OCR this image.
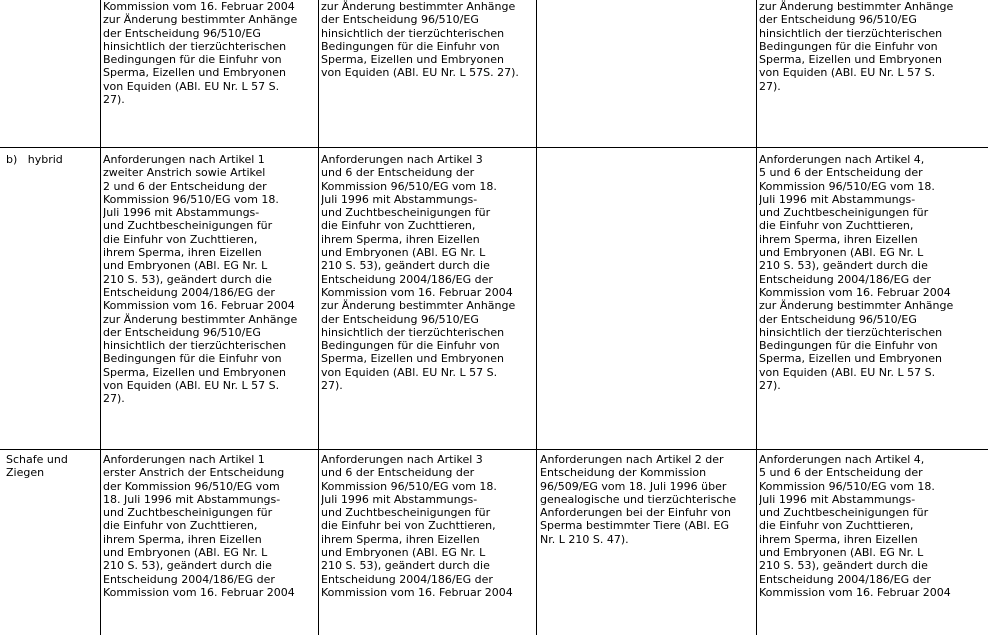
Kommission vom 16. Februar 2004
zur Änderung bestimmter Anhänge
der Entscheidung 96/510/EG
hinsichtlich der tierzüchterischen
Bedingungen für die Einfuhr von
Sperma, Eizellen und Embryonen
von Equiden (ABl. EU Nr. L 57 S.
27).
zur Änderung bestimmter Anhänge
der Entscheidung 96/510/EG
hinsichtlich der tierzüchterischen
Bedingungen für die Einfuhr von
Sperma, Eizellen und Embryonen
von Equiden (ABl. EU Nr. L 57S. 27).
zur Änderung bestimmter Anhänge
der Entscheidung 96/510/EG
hinsichtlich der tierzüchterischen
Bedingungen für die Einfuhr von
Sperma, Eizellen und Embryonen
von Equiden (ABl. EU Nr. L 57 S.
27).
b)   hybrid	Anforderungen nach Artikel 1
zweiter Anstrich sowie Artikel
2 und 6 der Entscheidung der
Kommission 96/510/EG vom 18.
Juli 1996 mit Abstammungs-
und Zuchtbescheinigungen für
die Einfuhr von Zuchttieren,
ihrem Sperma, ihren Eizellen
und Embryonen (ABl. EG Nr. L
210 S. 53), geändert durch die
Entscheidung 2004/186/EG der
Kommission vom 16. Februar 2004
zur Änderung bestimmter Anhänge
der Entscheidung 96/510/EG
hinsichtlich der tierzüchterischen
Bedingungen für die Einfuhr von
Sperma, Eizellen und Embryonen
von Equiden (ABl. EU Nr. L 57 S.
27).
Anforderungen nach Artikel 3
und 6 der Entscheidung der
Kommission 96/510/EG vom 18.
Juli 1996 mit Abstammungs-
und Zuchtbescheinigungen für
die Einfuhr von Zuchttieren,
ihrem Sperma, ihren Eizellen
und Embryonen (ABl. EG Nr. L
210 S. 53), geändert durch die
Entscheidung 2004/186/EG der
Kommission vom 16. Februar 2004
zur Änderung bestimmter Anhänge
der Entscheidung 96/510/EG
hinsichtlich der tierzüchterischen
Bedingungen für die Einfuhr von
Sperma, Eizellen und Embryonen
von Equiden (ABl. EU Nr. L 57 S.
27).
Anforderungen nach Artikel 4,
5 und 6 der Entscheidung der
Kommission 96/510/EG vom 18.
Juli 1996 mit Abstammungs-
und Zuchtbescheinigungen für
die Einfuhr von Zuchttieren,
ihrem Sperma, ihren Eizellen
und Embryonen (ABl. EG Nr. L
210 S. 53), geändert durch die
Entscheidung 2004/186/EG der
Kommission vom 16. Februar 2004
zur Änderung bestimmter Anhänge
der Entscheidung 96/510/EG
hinsichtlich der tierzüchterischen
Bedingungen für die Einfuhr von
Sperma, Eizellen und Embryonen
von Equiden (ABl. EU Nr. L 57 S.
27).
Schafe und
Ziegen
Anforderungen nach Artikel 1
erster Anstrich der Entscheidung
der Kommission 96/510/EG vom
18. Juli 1996 mit Abstammungs-
und Zuchtbescheinigungen für
die Einfuhr von Zuchttieren,
ihrem Sperma, ihren Eizellen
und Embryonen (ABl. EG Nr. L
210 S. 53), geändert durch die
Entscheidung 2004/186/EG der
Kommission vom 16. Februar 2004
Anforderungen nach Artikel 3
und 6 der Entscheidung der
Kommission 96/510/EG vom 18.
Juli 1996 mit Abstammungs-
und Zuchtbescheinigungen für
die Einfuhr bei von Zuchttieren,
ihrem Sperma, ihren Eizellen
und Embryonen (ABl. EG Nr. L
210 S. 53), geändert durch die
Entscheidung 2004/186/EG der
Kommission vom 16. Februar 2004
Anforderungen nach Artikel 2 der
Entscheidung der Kommission
96/509/EG vom 18. Juli 1996 über
genealogische und tierzüchterische
Anforderungen bei der Einfuhr von
Sperma bestimmter Tiere (ABl. EG
Nr. L 210 S. 47).
Anforderungen nach Artikel 4,
5 und 6 der Entscheidung der
Kommission 96/510/EG vom 18.
Juli 1996 mit Abstammungs-
und Zuchtbescheinigungen für
die Einfuhr von Zuchttieren,
ihrem Sperma, ihren Eizellen
und Embryonen (ABl. EG Nr. L
210 S. 53), geändert durch die
Entscheidung 2004/186/EG der
Kommission vom 16. Februar 2004
